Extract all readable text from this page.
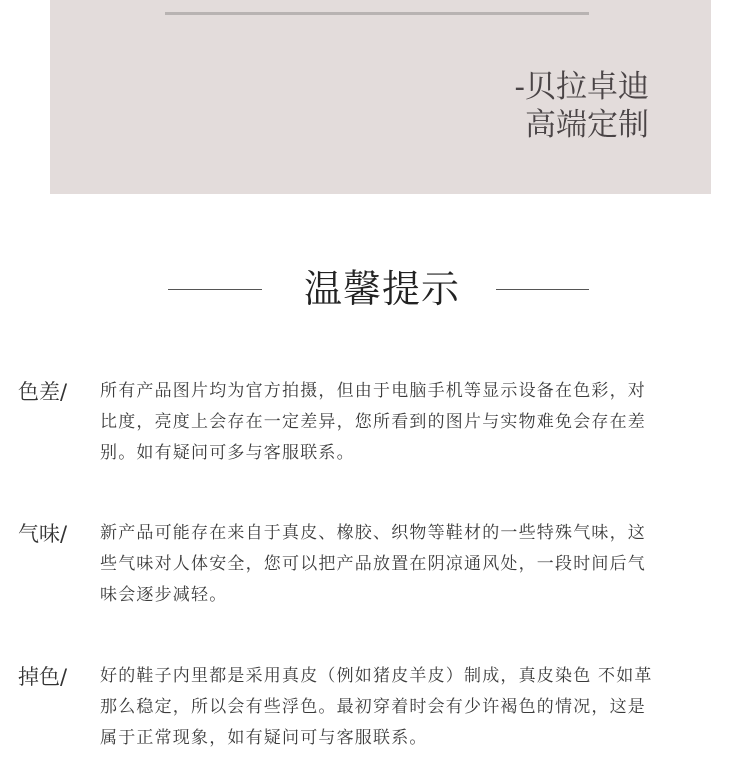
-贝拉卓迪
高端定制
温馨提示
色差/	所有产品图片均为官方拍摄，但由于电脑手机等显示设备在色彩，对
比度，亮度上会存在一定差异，您所看到的图片与实物难免会存在差
别。如有疑问可多与客服联系。
气味/	新产品可能存在来自于真皮、橡胶、织物等鞋材的一些特殊气味，这
些气味对人体安全，您可以把产品放置在阴凉通风处，一段时间后气
味会逐步减轻。
掉色/	好的鞋子内里都是采用真皮（例如猪皮羊皮）制成，真皮染色 不如革
那么稳定，所以会有些浮色。最初穿着时会有少许褐色的情况，这是
属于正常现象，如有疑问可与客服联系。
